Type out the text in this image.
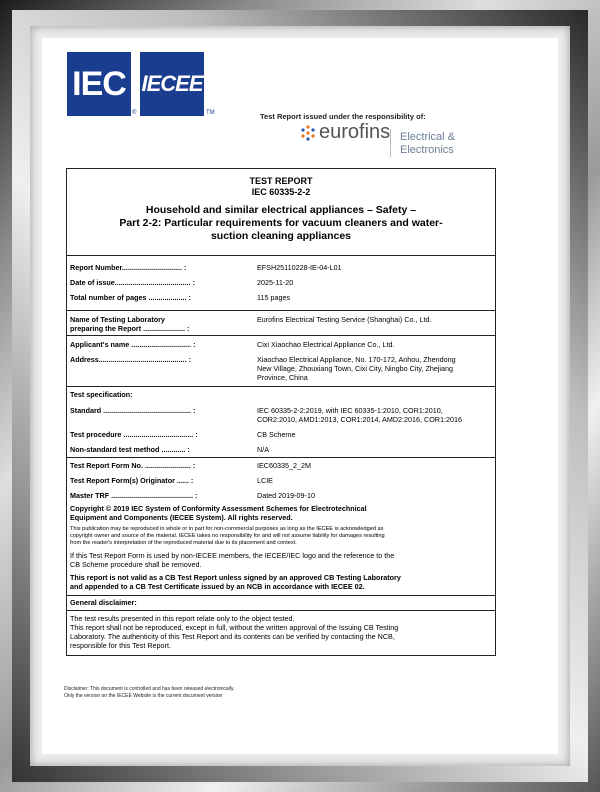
IEC
®
IECEE
TM	Test Report issued under the responsibility of:
eurofins Electrical &
Electronics
TEST REPORT
IEC 60335-2-2
Household and similar electrical appliances – Safety –
Part 2-2: Particular requirements for vacuum cleaners and water-
suction cleaning appliances
Report Number.............................. :	EFSH25110228-IE-04-L01
Date of issue...................................... :	2025-11-20
Total number of pages ................... :	115 pages
Name of Testing Laboratory
preparing the Report ..................... :
Eurofins Electrical Testing Service (Shanghai) Co., Ltd.
Applicant's name .............................. :	Cixi Xiaochao Electrical Appliance Co., Ltd.
Address............................................ :	Xiaochao Electrical Appliance, No. 170-172, Anhou, Zhendong
New Village, Zhouxiang Town, Cixi City, Ningbo City, Zhejiang
Province, China
Test specification:
Standard ............................................ :	IEC 60335-2-2:2019, with IEC 60335-1:2010, COR1:2010,
COR2:2010, AMD1:2013, COR1:2014, AMD2:2016, COR1:2016
Test procedure ................................... :	CB Scheme
Non-standard test method ............ :	N/A
Test Report Form No. ....................... :	IEC60335_2_2M
Test Report Form(s) Originator ...... :	LCIE
Master TRF ......................................... :	Dated 2019-09-10
Copyright © 2019 IEC System of Conformity Assessment Schemes for Electrotechnical
Equipment and Components (IECEE System). All rights reserved.
This publication may be reproduced in whole or in part for non-commercial purposes as long as the IECEE is acknowledged as
copyright owner and source of the material. IECEE takes no responsibility for and will not assume liability for damages resulting
from the reader's interpretation of the reproduced material due to its placement and context.
If this Test Report Form is used by non-IECEE members, the IECEE/IEC logo and the reference to the
CB Scheme procedure shall be removed.
This report is not valid as a CB Test Report unless signed by an approved CB Testing Laboratory
and appended to a CB Test Certificate issued by an NCB in accordance with IECEE 02.
General disclaimer:
The test results presented in this report relate only to the object tested.
This report shall not be reproduced, except in full, without the written approval of the Issuing CB Testing
Laboratory. The authenticity of this Test Report and its contents can be verified by contacting the NCB,
responsible for this Test Report.
Disclaimer: This document is controlled and has been released electronically.
Only the version on the IECEE Website is the current document version
